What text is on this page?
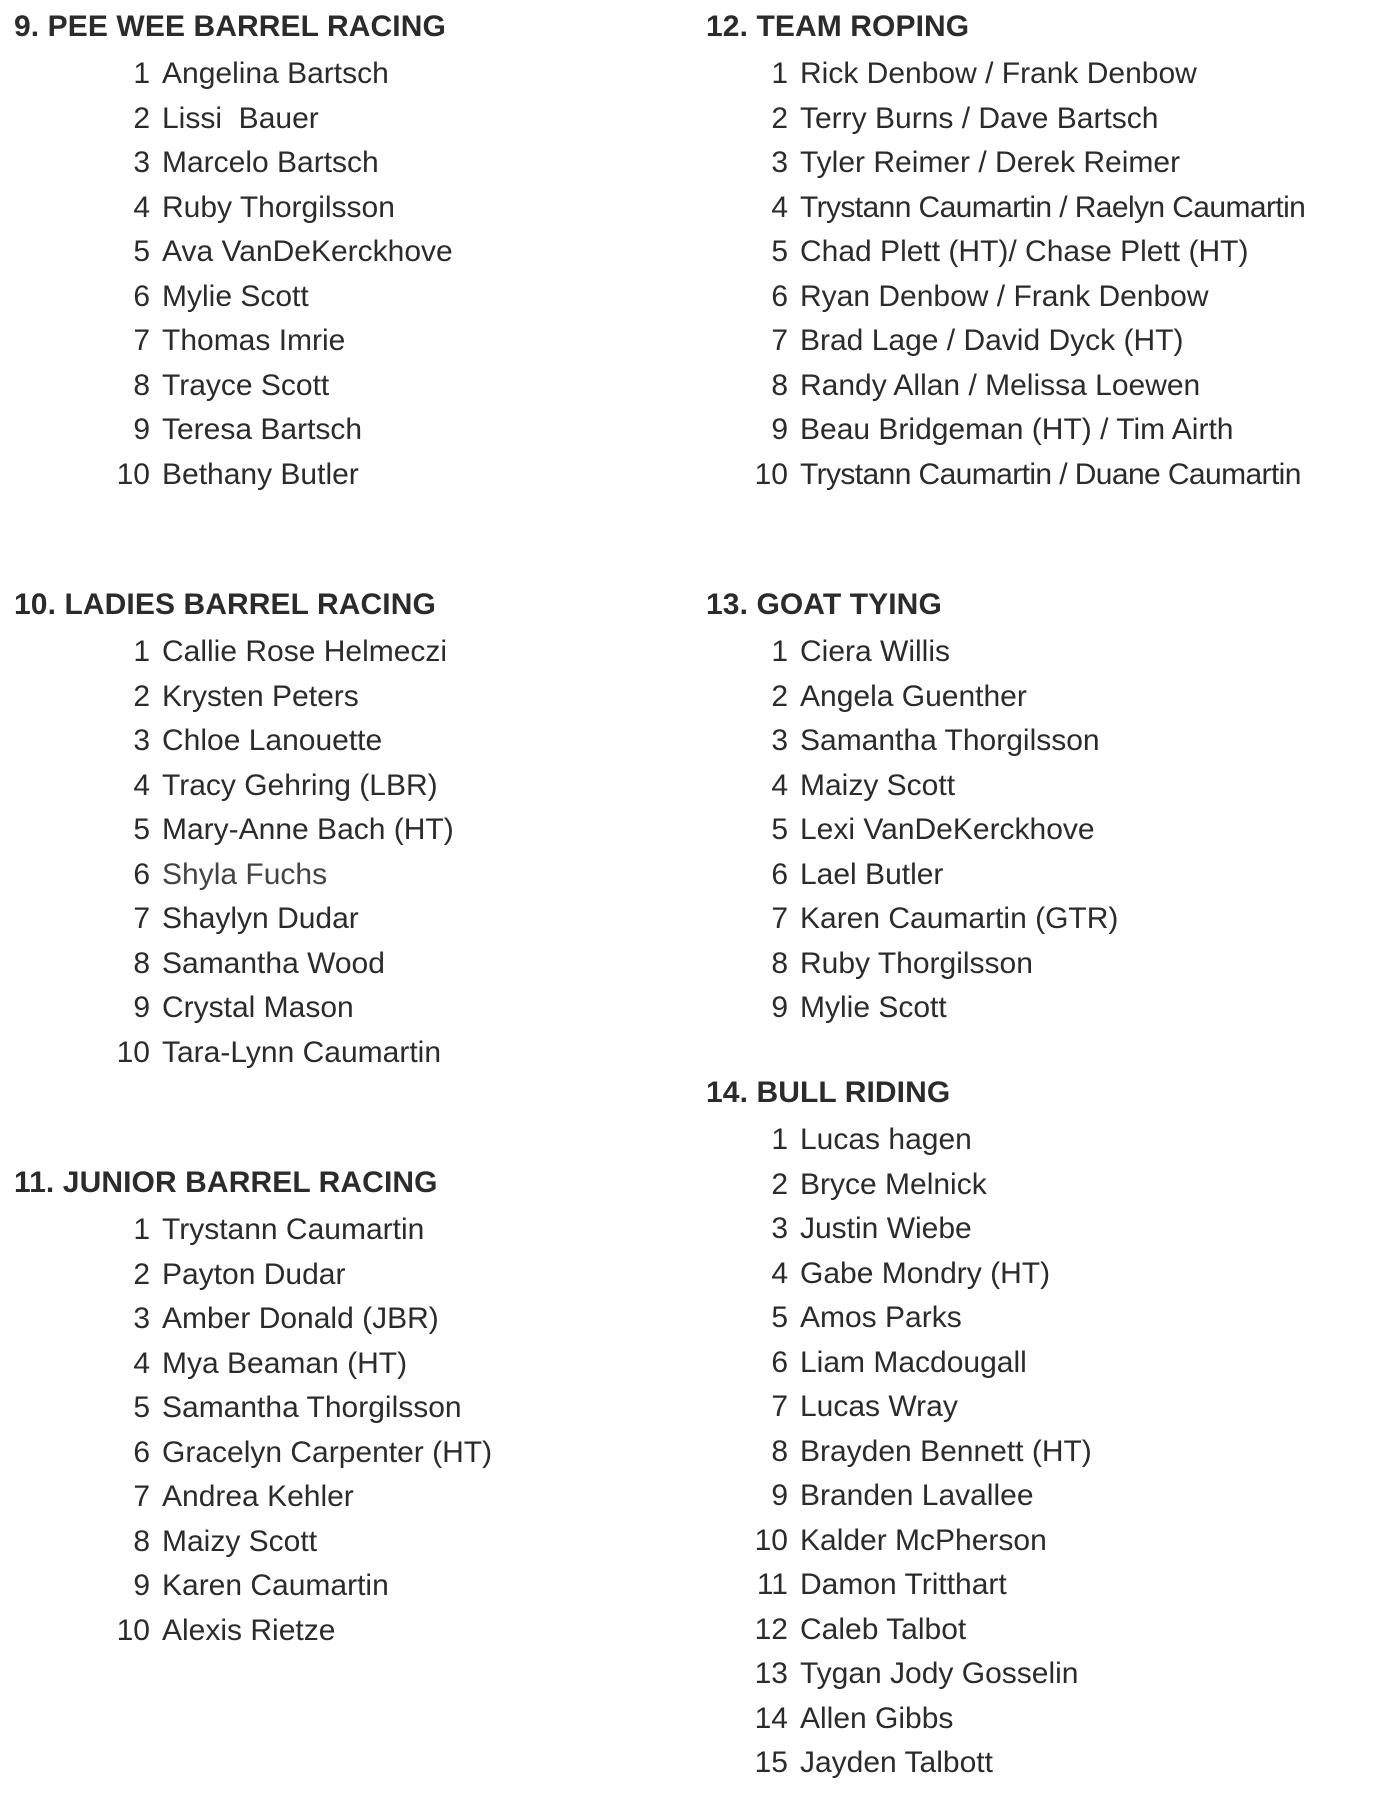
9. PEE WEE BARREL RACING
1 Angelina Bartsch
2 Lissi  Bauer
3 Marcelo Bartsch
4 Ruby Thorgilsson
5 Ava VanDeKerckhove
6 Mylie Scott
7 Thomas Imrie
8 Trayce Scott
9 Teresa Bartsch
10 Bethany Butler
10. LADIES BARREL RACING
1 Callie Rose Helmeczi
2 Krysten Peters
3 Chloe Lanouette
4 Tracy Gehring (LBR)
5 Mary-Anne Bach (HT)
6 Shyla Fuchs
7 Shaylyn Dudar
8 Samantha Wood
9 Crystal Mason
10 Tara-Lynn Caumartin
11. JUNIOR BARREL RACING
1 Trystann Caumartin
2 Payton Dudar
3 Amber Donald (JBR)
4 Mya Beaman (HT)
5 Samantha Thorgilsson
6 Gracelyn Carpenter (HT)
7 Andrea Kehler
8 Maizy Scott
9 Karen Caumartin
10 Alexis Rietze
12. TEAM ROPING
1 Rick Denbow / Frank Denbow
2 Terry Burns / Dave Bartsch
3 Tyler Reimer / Derek Reimer
4 Trystann Caumartin / Raelyn Caumartin
5 Chad Plett (HT)/ Chase Plett (HT)
6 Ryan Denbow / Frank Denbow
7 Brad Lage / David Dyck (HT)
8 Randy Allan / Melissa Loewen
9 Beau Bridgeman (HT) / Tim Airth
10 Trystann Caumartin / Duane Caumartin
13. GOAT TYING
1 Ciera Willis
2 Angela Guenther
3 Samantha Thorgilsson
4 Maizy Scott
5 Lexi VanDeKerckhove
6 Lael Butler
7 Karen Caumartin (GTR)
8 Ruby Thorgilsson
9 Mylie Scott
14. BULL RIDING
1 Lucas hagen
2 Bryce Melnick
3 Justin Wiebe
4 Gabe Mondry (HT)
5 Amos Parks
6 Liam Macdougall
7 Lucas Wray
8 Brayden Bennett (HT)
9 Branden Lavallee
10 Kalder McPherson
11 Damon Tritthart
12 Caleb Talbot
13 Tygan Jody Gosselin
14 Allen Gibbs
15 Jayden Talbott
